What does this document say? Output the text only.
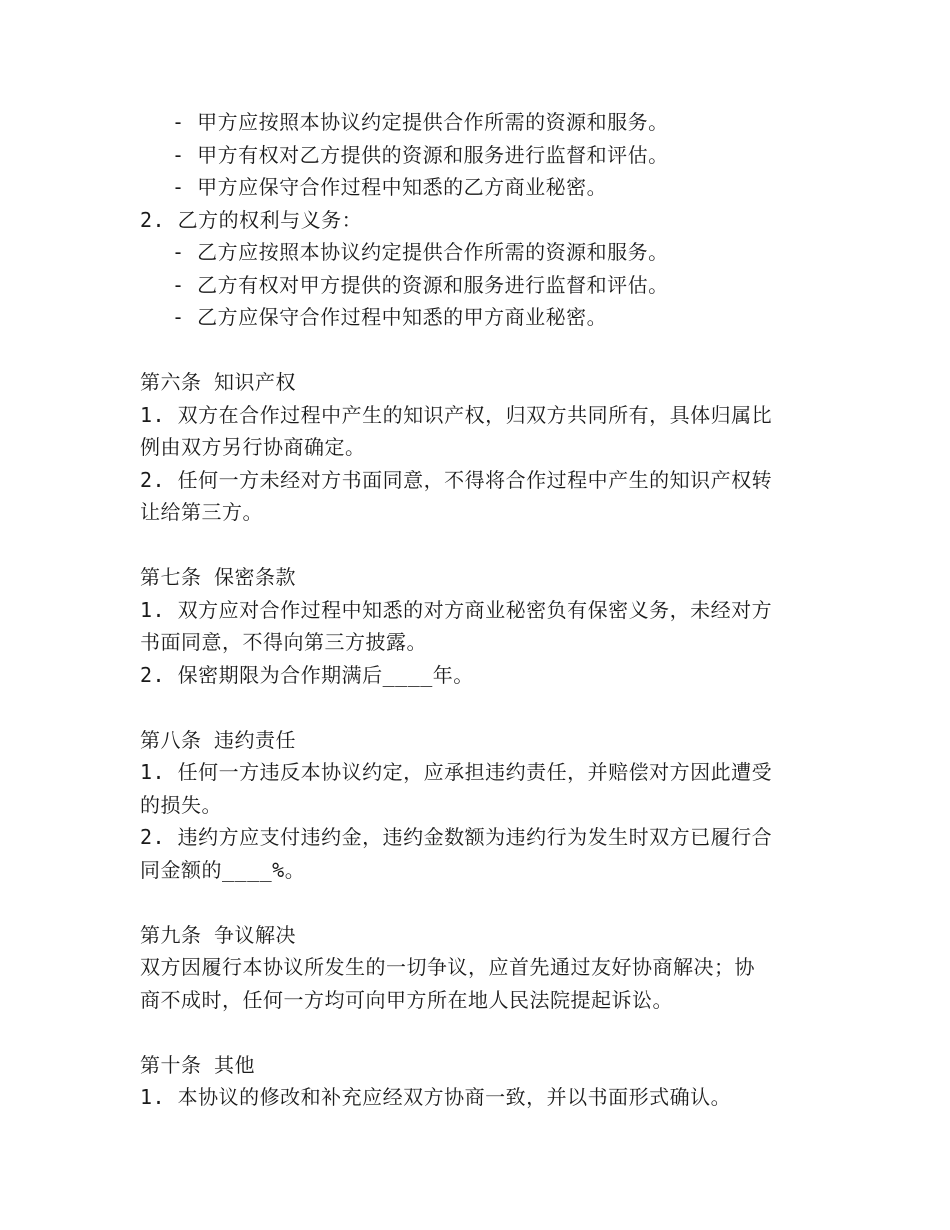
- 甲方应按照本协议约定提供合作所需的资源和服务。
- 甲方有权对乙方提供的资源和服务进行监督和评估。
- 甲方应保守合作过程中知悉的乙方商业秘密。
2. 乙方的权利与义务：
- 乙方应按照本协议约定提供合作所需的资源和服务。
- 乙方有权对甲方提供的资源和服务进行监督和评估。
- 乙方应保守合作过程中知悉的甲方商业秘密。
第六条 知识产权
1. 双方在合作过程中产生的知识产权，归双方共同所有，具体归属比
例由双方另行协商确定。
2. 任何一方未经对方书面同意，不得将合作过程中产生的知识产权转
让给第三方。
第七条 保密条款
1. 双方应对合作过程中知悉的对方商业秘密负有保密义务，未经对方
书面同意，不得向第三方披露。
2. 保密期限为合作期满后____年。
第八条 违约责任
1. 任何一方违反本协议约定，应承担违约责任，并赔偿对方因此遭受
的损失。
2. 违约方应支付违约金，违约金数额为违约行为发生时双方已履行合
同金额的____%。
第九条 争议解决
双方因履行本协议所发生的一切争议，应首先通过友好协商解决；协
商不成时，任何一方均可向甲方所在地人民法院提起诉讼。
第十条 其他
1. 本协议的修改和补充应经双方协商一致，并以书面形式确认。
